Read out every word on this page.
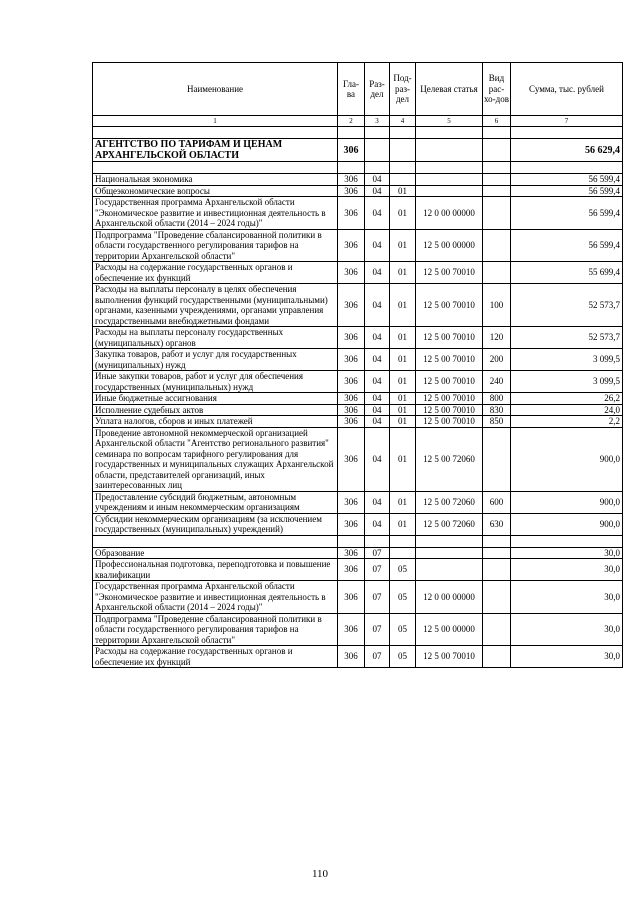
Наименование	Гла-ва	Раз-дел	Под-раз-дел	Целевая статья	Вид рас-хо-дов	Сумма, тыс. рублей
1	2	3	4	5	6	7

АГЕНТСТВО ПО ТАРИФАМ И ЦЕНАМ АРХАНГЕЛЬСКОЙ ОБЛАСТИ	306					56 629,4

Национальная экономика	306	04				56 599,4
Общеэкономические вопросы	306	04	01			56 599,4
Государственная программа Архангельской области "Экономическое развитие и инвестиционная деятельность в Архангельской области (2014 – 2024 годы)"	306	04	01	12 0 00 00000		56 599,4
Подпрограмма "Проведение сбалансированной политики в области государственного регулирования тарифов на территории Архангельской области"	306	04	01	12 5 00 00000		56 599,4
Расходы на содержание государственных органов и обеспечение их функций	306	04	01	12 5 00 70010		55 699,4
Расходы на выплаты персоналу в целях обеспечения выполнения функций государственными (муниципальными) органами, казенными учреждениями, органами управления государственными внебюджетными фондами	306	04	01	12 5 00 70010	100	52 573,7
Расходы на выплаты персоналу государственных (муниципальных) органов	306	04	01	12 5 00 70010	120	52 573,7
Закупка товаров, работ и услуг для государственных (муниципальных) нужд	306	04	01	12 5 00 70010	200	3 099,5
Иные закупки товаров, работ и услуг для обеспечения государственных (муниципальных) нужд	306	04	01	12 5 00 70010	240	3 099,5
Иные бюджетные ассигнования	306	04	01	12 5 00 70010	800	26,2
Исполнение судебных актов	306	04	01	12 5 00 70010	830	24,0
Уплата налогов, сборов и иных платежей	306	04	01	12 5 00 70010	850	2,2
Проведение автономной некоммерческой организацией Архангельской области "Агентство регионального развития" семинара по вопросам тарифного регулирования для государственных и муниципальных служащих Архангельской области, представителей организаций, иных заинтересованных лиц	306	04	01	12 5 00 72060		900,0
Предоставление субсидий бюджетным, автономным учреждениям и иным некоммерческим организациям	306	04	01	12 5 00 72060	600	900,0
Субсидии некоммерческим организациям (за исключением государственных (муниципальных) учреждений)	306	04	01	12 5 00 72060	630	900,0

Образование	306	07				30,0
Профессиональная подготовка, переподготовка и повышение квалификации	306	07	05			30,0
Государственная программа Архангельской области "Экономическое развитие и инвестиционная деятельность в Архангельской области (2014 – 2024 годы)"	306	07	05	12 0 00 00000		30,0
Подпрограмма "Проведение сбалансированной политики в области государственного регулирования тарифов на территории Архангельской области"	306	07	05	12 5 00 00000		30,0
Расходы на содержание государственных органов и обеспечение их функций	306	07	05	12 5 00 70010		30,0
110
